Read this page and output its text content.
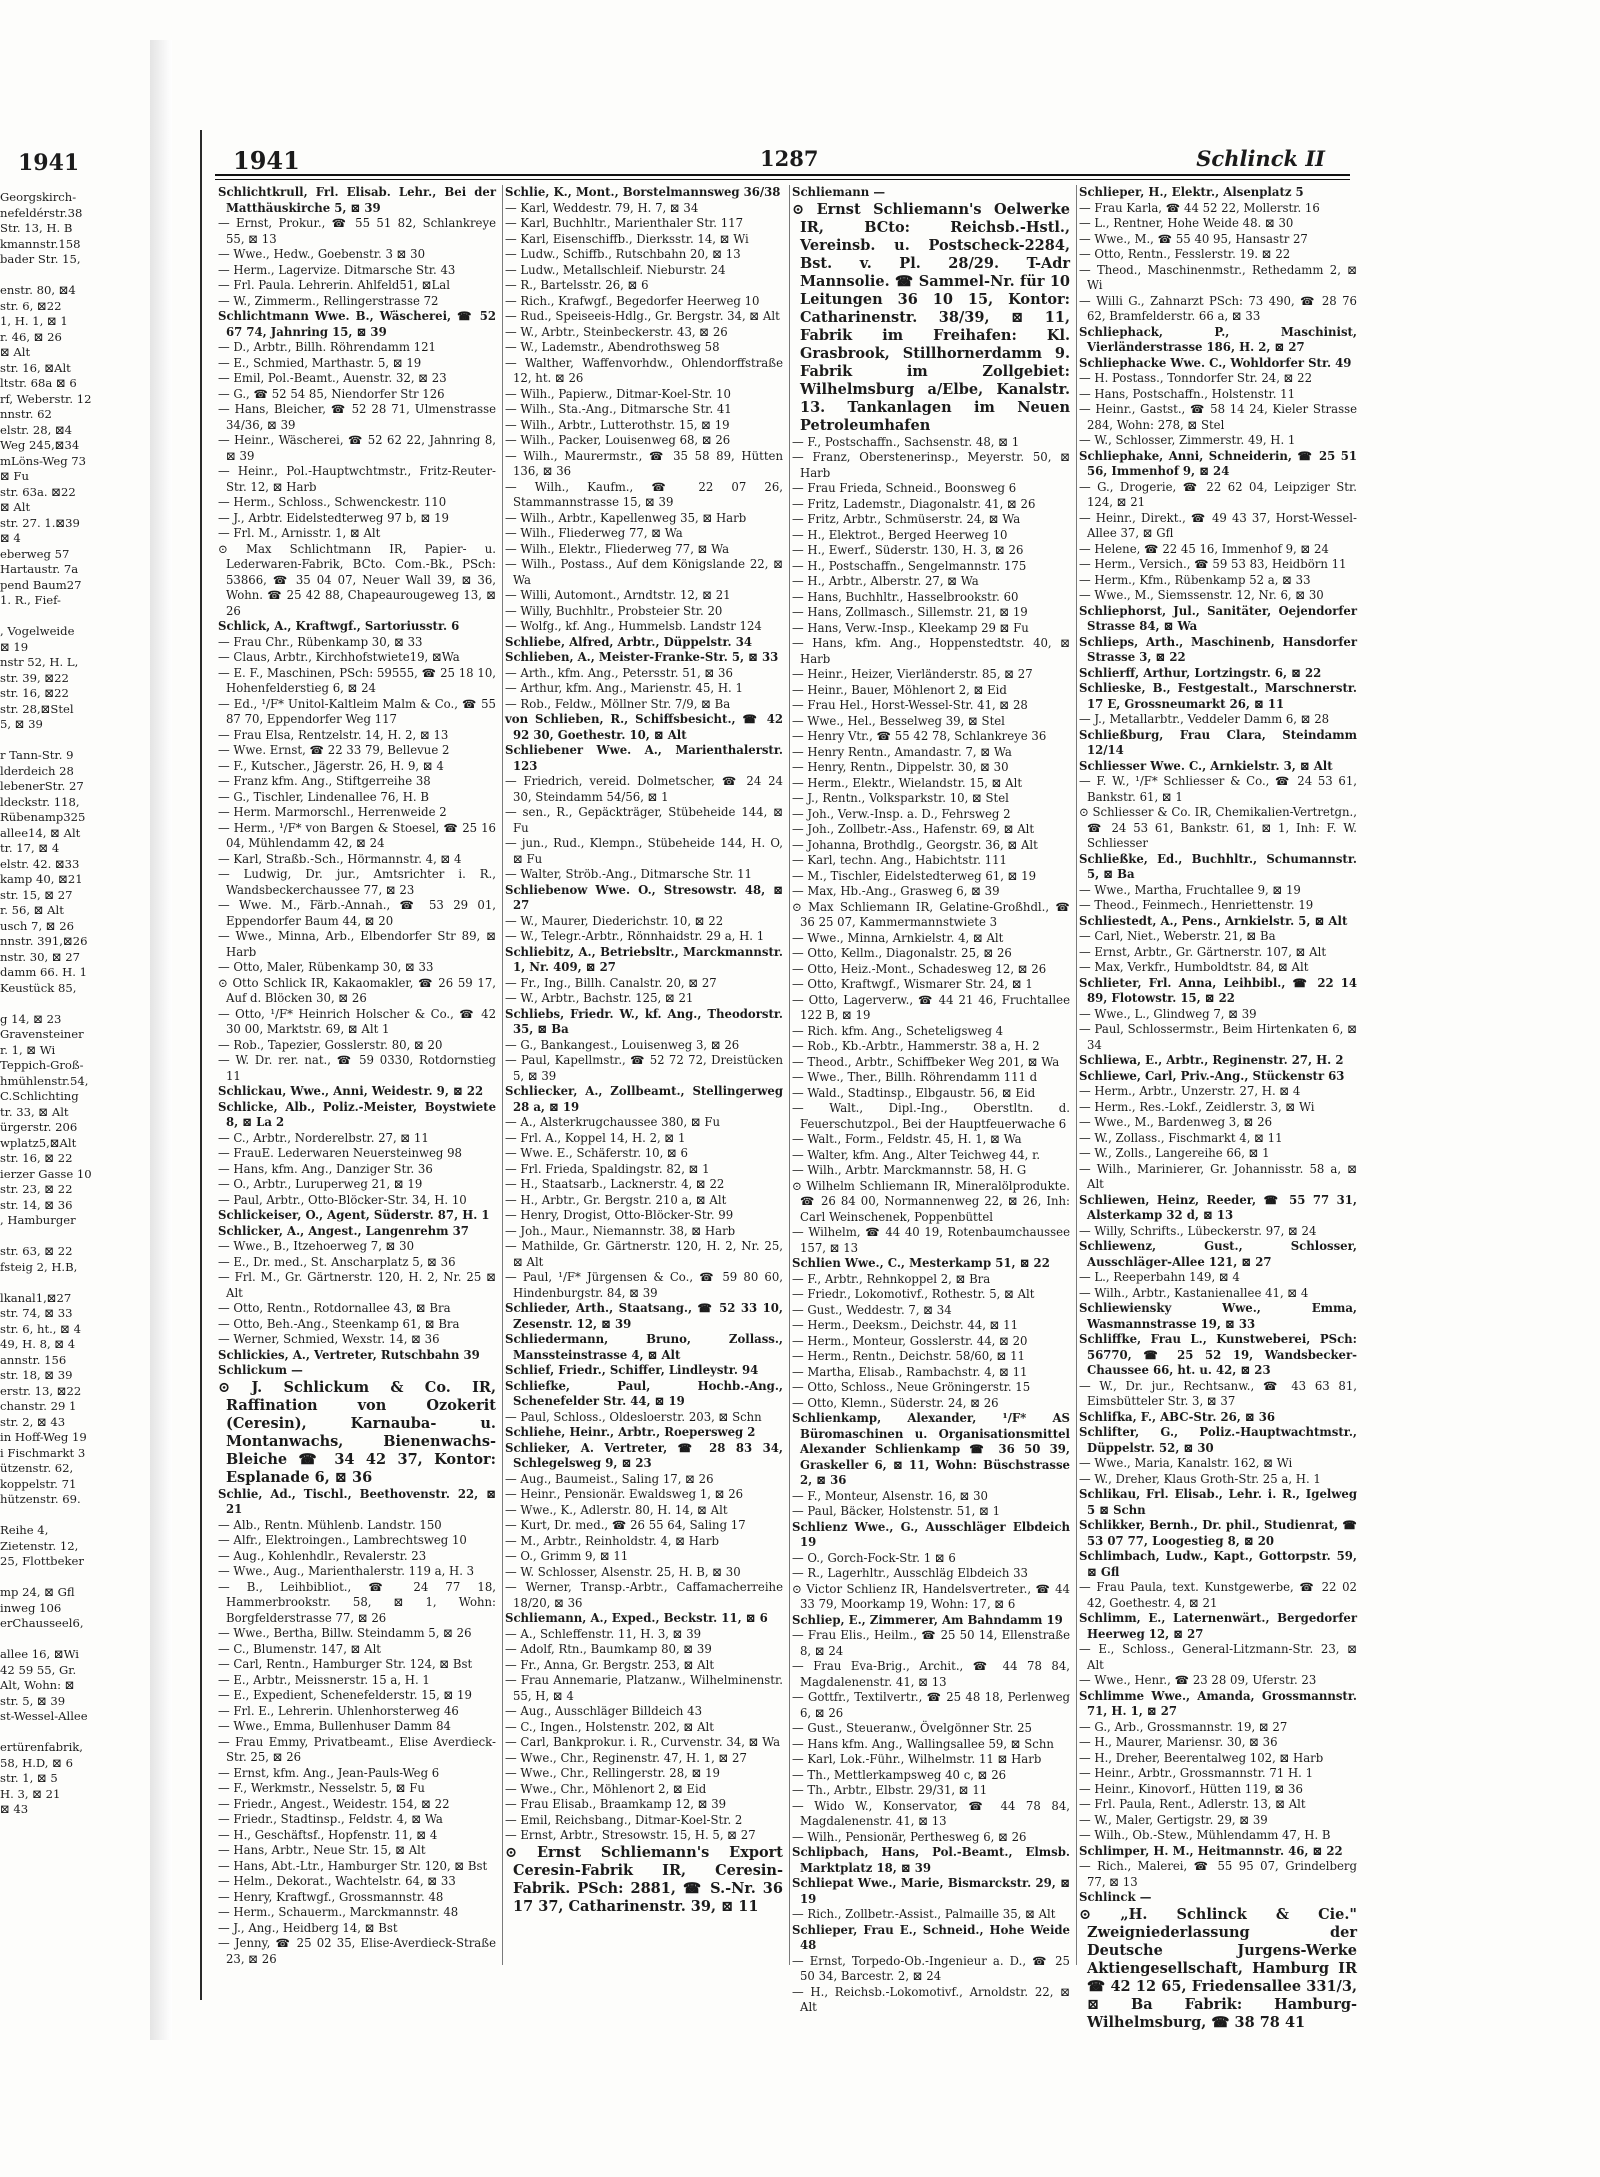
1941
Georgskirch-
nefeldérstr.38
Str. 13, H. B
kmannstr.158
bader Str. 15,
enstr. 80, ⊠4
str. 6, ⊠22
1, H. 1, ⊠ 1
r. 46, ⊠ 26
⊠ Alt
str. 16, ⊠Alt
ltstr. 68a ⊠ 6
rf, Weberstr. 12
nnstr. 62
elstr. 28, ⊠4
Weg 245,⊠34
mLöns-Weg 73
⊠ Fu
str. 63a. ⊠22
⊠ Alt
str. 27. 1.⊠39
⊠ 4
eberweg 57
Hartaustr. 7a
pend Baum27
1. R., Fief-
, Vogelweide
⊠ 19
nstr 52, H. L,
str. 39, ⊠22
str. 16, ⊠22
str. 28,⊠Stel
5, ⊠ 39
r Tann-Str. 9
lderdeich 28
lebenerStr. 27
ldeckstr. 118,
Rübenamp325
allee14, ⊠ Alt
tr. 17, ⊠ 4
elstr. 42. ⊠33
kamp 40, ⊠21
str. 15, ⊠ 27
r. 56, ⊠ Alt
usch 7, ⊠ 26
nnstr. 391,⊠26
nstr. 30, ⊠ 27
damm 66. H. 1
Keustück 85,
g 14, ⊠ 23
Gravensteiner
r. 1, ⊠ Wi
Teppich-Groß-
hmühlenstr.54,
C.Schlichting
tr. 33, ⊠ Alt
ürgerstr. 206
wplatz5,⊠Alt
str. 16, ⊠ 22
ierzer Gasse 10
str. 23, ⊠ 22
str. 14, ⊠ 36
, Hamburger
str. 63, ⊠ 22
fsteig 2, H.B,
lkanal1,⊠27
str. 74, ⊠ 33
str. 6, ht., ⊠ 4
49, H. 8, ⊠ 4
annstr. 156
str. 18, ⊠ 39
erstr. 13, ⊠22
chanstr. 29 1
str. 2, ⊠ 43
in Hoff-Weg 19
i Fischmarkt 3
ützenstr. 62,
koppelstr. 71
hützenstr. 69.
Reihe 4,
Zietenstr. 12,
25, Flottbeker
mp 24, ⊠ Gfl
inweg 106
erChausseel6,
allee 16, ⊠Wi
42 59 55, Gr.
Alt, Wohn: ⊠
str. 5, ⊠ 39
st-Wessel-Allee
ertürenfabrik,
58, H.D, ⊠ 6
str. 1, ⊠ 5
H. 3, ⊠ 21
⊠ 43
1941	1287	Schlinck II

Schlichtkrull, Frl. Elisab. Lehr., Bei der Matthäuskirche 5, ⊠ 39

— Ernst, Prokur., ☎ 55 51 82, Schlankreye 55, ⊠ 13

— Wwe., Hedw., Goebenstr. 3 ⊠ 30

— Herm., Lagervize. Ditmarsche Str. 43

— Frl. Paula. Lehrerin. Ahlfeld51, ⊠Lal

— W., Zimmerm., Rellingerstrasse 72

Schlichtmann Wwe. B., Wäscherei, ☎ 52 67 74, Jahnring 15, ⊠ 39

— D., Arbtr., Billh. Röhrendamm 121

— E., Schmied, Marthastr. 5, ⊠ 19

— Emil, Pol.-Beamt., Auenstr. 32, ⊠ 23

— G., ☎ 52 54 85, Niendorfer Str 126

— Hans, Bleicher, ☎ 52 28 71, Ulmenstrasse 34/36, ⊠ 39

— Heinr., Wäscherei, ☎ 52 62 22, Jahnring 8, ⊠ 39

— Heinr., Pol.-Hauptwchtmstr., Fritz-Reuter-Str. 12, ⊠ Harb

— Herm., Schloss., Schwenckestr. 110

— J., Arbtr. Eidelstedterweg 97 b, ⊠ 19

— Frl. M., Arnisstr. 1, ⊠ Alt

⊙ Max Schlichtmann IR, Papier- u. Lederwaren-Fabrik, BCto. Com.-Bk., PSch: 53866, ☎ 35 04 07, Neuer Wall 39, ⊠ 36, Wohn. ☎ 25 42 88, Chapeaurougeweg 13, ⊠ 26

Schlick, A., Kraftwgf., Sartoriusstr. 6

— Frau Chr., Rübenkamp 30, ⊠ 33

— Claus, Arbtr., Kirchhofstwiete19, ⊠Wa

— E. F., Maschinen, PSch: 59555, ☎ 25 18 10, Hohenfelderstieg 6, ⊠ 24

— Ed., ¹/F* Unitol-Kaltleim Malm & Co., ☎ 55 87 70, Eppendorfer Weg 117

— Frau Elsa, Rentzelstr. 14, H. 2, ⊠ 13

— Wwe. Ernst, ☎ 22 33 79, Bellevue 2

— F., Kutscher., Jägerstr. 26, H. 9, ⊠ 4

— Franz kfm. Ang., Stiftgerreihe 38

— G., Tischler, Lindenallee 76, H. B

— Herm. Marmorschl., Herrenweide 2

— Herm., ¹/F* von Bargen & Stoesel, ☎ 25 16 04, Mühlendamm 42, ⊠ 24

— Karl, Straßb.-Sch., Hörmannstr. 4, ⊠ 4

— Ludwig, Dr. jur., Amtsrichter i. R., Wandsbeckerchaussee 77, ⊠ 23

— Wwe. M., Färb.-Annah., ☎ 53 29 01, Eppendorfer Baum 44, ⊠ 20

— Wwe., Minna, Arb., Elbendorfer Str 89, ⊠ Harb

— Otto, Maler, Rübenkamp 30, ⊠ 33

⊙ Otto Schlick IR, Kakaomakler, ☎ 26 59 17, Auf d. Blöcken 30, ⊠ 26

— Otto, ¹/F* Heinrich Holscher & Co., ☎ 42 30 00, Marktstr. 69, ⊠ Alt 1

— Rob., Tapezier, Gosslerstr. 80, ⊠ 20

— W. Dr. rer. nat., ☎ 59 0330, Rotdornstieg 11

Schlickau, Wwe., Anni, Weidestr. 9, ⊠ 22

Schlicke, Alb., Poliz.-Meister, Boystwiete 8, ⊠ La 2

— C., Arbtr., Norderelbstr. 27, ⊠ 11

— FrauE. Lederwaren Neuersteinweg 98

— Hans, kfm. Ang., Danziger Str. 36

— O., Arbtr., Luruperweg 21, ⊠ 19

— Paul, Arbtr., Otto-Blöcker-Str. 34, H. 10

Schlickeiser, O., Agent, Süderstr. 87, H. 1

Schlicker, A., Angest., Langenrehm 37

— Wwe., B., Itzehoerweg 7, ⊠ 30

— E., Dr. med., St. Anscharplatz 5, ⊠ 36

— Frl. M., Gr. Gärtnerstr. 120, H. 2, Nr. 25 ⊠ Alt

— Otto, Rentn., Rotdornallee 43, ⊠ Bra

— Otto, Beh.-Ang., Steenkamp 61, ⊠ Bra

— Werner, Schmied, Wexstr. 14, ⊠ 36

Schlickies, A., Vertreter, Rutschbahn 39

Schlickum —

⊙ J. Schlickum & Co. IR, Raffination von Ozokerit (Ceresin), Karnauba- u. Montanwachs, Bienenwachs-Bleiche ☎ 34 42 37, Kontor: Esplanade 6, ⊠ 36

Schlie, Ad., Tischl., Beethovenstr. 22, ⊠ 21

— Alb., Rentn. Mühlenb. Landstr. 150

— Alfr., Elektroingen., Lambrechtsweg 10

— Aug., Kohlenhdlr., Revalerstr. 23

— Wwe., Aug., Marienthalerstr. 119 a, H. 3

— B., Leihbibliot., ☎ 24 77 18, Hammerbrookstr. 58, ⊠ 1, Wohn: Borgfelderstrasse 77, ⊠ 26

— Wwe., Bertha, Billw. Steindamm 5, ⊠ 26

— C., Blumenstr. 147, ⊠ Alt

— Carl, Rentn., Hamburger Str. 124, ⊠ Bst

— E., Arbtr., Meissnerstr. 15 a, H. 1

— E., Expedient, Schenefelderstr. 15, ⊠ 19

— Frl. E., Lehrerin. Uhlenhorsterweg 46

— Wwe., Emma, Bullenhuser Damm 84

— Frau Emmy, Privatbeamt., Elise Averdieck-Str. 25, ⊠ 26

— Ernst, kfm. Ang., Jean-Pauls-Weg 6

— F., Werkmstr., Nesselstr. 5, ⊠ Fu

— Friedr., Angest., Weidestr. 154, ⊠ 22

— Friedr., Stadtinsp., Feldstr. 4, ⊠ Wa

— H., Geschäftsf., Hopfenstr. 11, ⊠ 4

— Hans, Arbtr., Neue Str. 15, ⊠ Alt

— Hans, Abt.-Ltr., Hamburger Str. 120, ⊠ Bst

— Helm., Dekorat., Wachtelstr. 64, ⊠ 33

— Henry, Kraftwgf., Grossmannstr. 48

— Herm., Schauerm., Marckmannstr. 48

— J., Ang., Heidberg 14, ⊠ Bst

— Jenny, ☎ 25 02 35, Elise-Averdieck-Straße 23, ⊠ 26

Schlie, K., Mont., Borstelmannsweg 36/38

— Karl, Weddestr. 79, H. 7, ⊠ 34

— Karl, Buchhltr., Marienthaler Str. 117

— Karl, Eisenschiffb., Dierksstr. 14, ⊠ Wi

— Ludw., Schiffb., Rutschbahn 20, ⊠ 13

— Ludw., Metallschleif. Nieburstr. 24

— R., Bartelsstr. 26, ⊠ 6

— Rich., Krafwgf., Begedorfer Heerweg 10

— Rud., Speiseeis-Hdlg., Gr. Bergstr. 34, ⊠ Alt

— W., Arbtr., Steinbeckerstr. 43, ⊠ 26

— W., Lademstr., Abendrothsweg 58

— Walther, Waffenvorhdw., Ohlendorffstraße 12, ht. ⊠ 26

— Wilh., Papierw., Ditmar-Koel-Str. 10

— Wilh., Sta.-Ang., Ditmarsche Str. 41

— Wilh., Arbtr., Lutterothstr. 15, ⊠ 19

— Wilh., Packer, Louisenweg 68, ⊠ 26

— Wilh., Maurermstr., ☎ 35 58 89, Hütten 136, ⊠ 36

— Wilh., Kaufm., ☎ 22 07 26, Stammannstrasse 15, ⊠ 39

— Wilh., Arbtr., Kapellenweg 35, ⊠ Harb

— Wilh., Fliederweg 77, ⊠ Wa

— Wilh., Elektr., Fliederweg 77, ⊠ Wa

— Wilh., Postass., Auf dem Königslande 22, ⊠ Wa

— Willi, Automont., Arndtstr. 12, ⊠ 21

— Willy, Buchhltr., Probsteier Str. 20

— Wolfg., kf. Ang., Hummelsb. Landstr 124

Schliebe, Alfred, Arbtr., Düppelstr. 34

Schlieben, A., Meister-Franke-Str. 5, ⊠ 33

— Arth., kfm. Ang., Petersstr. 51, ⊠ 36

— Arthur, kfm. Ang., Marienstr. 45, H. 1

— Rob., Feldw., Möllner Str. 7/9, ⊠ Ba

von Schlieben, R., Schiffsbesicht., ☎ 42 92 30, Goethestr. 10, ⊠ Alt

Schliebener Wwe. A., Marienthalerstr. 123

— Friedrich, vereid. Dolmetscher, ☎ 24 24 30, Steindamm 54/56, ⊠ 1

— sen., R., Gepäckträger, Stübeheide 144, ⊠ Fu

— jun., Rud., Klempn., Stübeheide 144, H. O, ⊠ Fu

— Walter, Ströb.-Ang., Ditmarsche Str. 11

Schliebenow Wwe. O., Stresowstr. 48, ⊠ 27

— W., Maurer, Diederichstr. 10, ⊠ 22

— W., Telegr.-Arbtr., Rönnhaidstr. 29 a, H. 1

Schliebitz, A., Betriebsltr., Marckmannstr. 1, Nr. 409, ⊠ 27

— Fr., Ing., Billh. Canalstr. 20, ⊠ 27

— W., Arbtr., Bachstr. 125, ⊠ 21

Schliebs, Friedr. W., kf. Ang., Theodorstr. 35, ⊠ Ba

— G., Bankangest., Louisenweg 3, ⊠ 26

— Paul, Kapellmstr., ☎ 52 72 72, Dreistücken 5, ⊠ 39

Schliecker, A., Zollbeamt., Stellingerweg 28 a, ⊠ 19

— A., Alsterkrugchaussee 380, ⊠ Fu

— Frl. A., Koppel 14, H. 2, ⊠ 1

— Wwe. E., Schäferstr. 10, ⊠ 6

— Frl. Frieda, Spaldingstr. 82, ⊠ 1

— H., Staatsarb., Lacknerstr. 4, ⊠ 22

— H., Arbtr., Gr. Bergstr. 210 a, ⊠ Alt

— Henry, Drogist, Otto-Blöcker-Str. 99

— Joh., Maur., Niemannstr. 38, ⊠ Harb

— Mathilde, Gr. Gärtnerstr. 120, H. 2, Nr. 25, ⊠ Alt

— Paul, ¹/F* Jürgensen & Co., ☎ 59 80 60, Hindenburgstr. 84, ⊠ 39

Schlieder, Arth., Staatsang., ☎ 52 33 10, Zesenstr. 12, ⊠ 39

Schliedermann, Bruno, Zollass., Manssteinstrasse 4, ⊠ Alt

Schlief, Friedr., Schiffer, Lindleystr. 94

Schliefke, Paul, Hochb.-Ang., Schenefelder Str. 44, ⊠ 19

— Paul, Schloss., Oldesloerstr. 203, ⊠ Schn

Schliehe, Heinr., Arbtr., Roepersweg 2

Schlieker, A. Vertreter, ☎ 28 83 34, Schlegelsweg 9, ⊠ 23

— Aug., Baumeist., Saling 17, ⊠ 26

— Heinr., Pensionär. Ewaldsweg 1, ⊠ 26

— Wwe., K., Adlerstr. 80, H. 14, ⊠ Alt

— Kurt, Dr. med., ☎ 26 55 64, Saling 17

— M., Arbtr., Reinholdstr. 4, ⊠ Harb

— O., Grimm 9, ⊠ 11

— W. Schlosser, Alsenstr. 25, H. B, ⊠ 30

— Werner, Transp.-Arbtr., Caffamacherreihe 18/20, ⊠ 36

Schliemann, A., Exped., Beckstr. 11, ⊠ 6

— A., Schleffenstr. 11, H. 3, ⊠ 39

— Adolf, Rtn., Baumkamp 80, ⊠ 39

— Fr., Anna, Gr. Bergstr. 253, ⊠ Alt

— Frau Annemarie, Platzanw., Wilhelminenstr. 55, H, ⊠ 4

— Aug., Ausschläger Billdeich 43

— C., Ingen., Holstenstr. 202, ⊠ Alt

— Carl, Bankprokur. i. R., Curvenstr. 34, ⊠ Wa

— Wwe., Chr., Reginenstr. 47, H. 1, ⊠ 27

— Wwe., Chr., Rellingerstr. 28, ⊠ 19

— Wwe., Chr., Möhlenort 2, ⊠ Eid

— Frau Elisab., Braamkamp 12, ⊠ 39

— Emil, Reichsbang., Ditmar-Koel-Str. 2

— Ernst, Arbtr., Stresowstr. 15, H. 5, ⊠ 27

⊙ Ernst Schliemann's Export Ceresin-Fabrik IR, Ceresin-Fabrik. PSch: 2881, ☎ S.-Nr. 36 17 37, Catharinenstr. 39, ⊠ 11

Schliemann —

⊙ Ernst Schliemann's Oelwerke IR, BCto: Reichsb.-Hstl., Vereinsb. u. Postscheck-2284, Bst. v. Pl. 28/29. T-Adr Mannsolie. ☎ Sammel-Nr. für 10 Leitungen 36 10 15, Kontor: Catharinenstr. 38/39, ⊠ 11, Fabrik im Freihafen: Kl. Grasbrook, Stillhornerdamm 9. Fabrik im Zollgebiet: Wilhelmsburg a/Elbe, Kanalstr. 13. Tankanlagen im Neuen Petroleumhafen

— F., Postschaffn., Sachsenstr. 48, ⊠ 1

— Franz, Oberstenerinsp., Meyerstr. 50, ⊠ Harb

— Frau Frieda, Schneid., Boonsweg 6

— Fritz, Lademstr., Diagonalstr. 41, ⊠ 26

— Fritz, Arbtr., Schmüserstr. 24, ⊠ Wa

— H., Elektrot., Berged Heerweg 10

— H., Ewerf., Süderstr. 130, H. 3, ⊠ 26

— H., Postschaffn., Sengelmannstr. 175

— H., Arbtr., Alberstr. 27, ⊠ Wa

— Hans, Buchhltr., Hasselbrookstr. 60

— Hans, Zollmasch., Sillemstr. 21, ⊠ 19

— Hans, Verw.-Insp., Kleekamp 29 ⊠ Fu

— Hans, kfm. Ang., Hoppenstedtstr. 40, ⊠ Harb

— Heinr., Heizer, Vierländerstr. 85, ⊠ 27

— Heinr., Bauer, Möhlenort 2, ⊠ Eid

— Frau Hel., Horst-Wessel-Str. 41, ⊠ 28

— Wwe., Hel., Besselweg 39, ⊠ Stel

— Henry Vtr., ☎ 55 42 78, Schlankreye 36

— Henry Rentn., Amandastr. 7, ⊠ Wa

— Henry, Rentn., Dippelstr. 30, ⊠ 30

— Herm., Elektr., Wielandstr. 15, ⊠ Alt

— J., Rentn., Volksparkstr. 10, ⊠ Stel

— Joh., Verw.-Insp. a. D., Fehrsweg 2

— Joh., Zollbetr.-Ass., Hafenstr. 69, ⊠ Alt

— Johanna, Brothdlg., Georgstr. 36, ⊠ Alt

— Karl, techn. Ang., Habichtstr. 111

— M., Tischler, Eidelstedterweg 61, ⊠ 19

— Max, Hb.-Ang., Grasweg 6, ⊠ 39

⊙ Max Schliemann IR, Gelatine-Großhdl., ☎ 36 25 07, Kammermannstwiete 3

— Wwe., Minna, Arnkielstr. 4, ⊠ Alt

— Otto, Kellm., Diagonalstr. 25, ⊠ 26

— Otto, Heiz.-Mont., Schadesweg 12, ⊠ 26

— Otto, Kraftwgf., Wismarer Str. 24, ⊠ 1

— Otto, Lagerverw., ☎ 44 21 46, Fruchtallee 122 B, ⊠ 19

— Rich. kfm. Ang., Scheteligsweg 4

— Rob., Kb.-Arbtr., Hammerstr. 38 a, H. 2

— Theod., Arbtr., Schiffbeker Weg 201, ⊠ Wa

— Wwe., Ther., Billh. Röhrendamm 111 d

— Wald., Stadtinsp., Elbgaustr. 56, ⊠ Eid

— Walt., Dipl.-Ing., Oberstltn. d. Feuerschutzpol., Bei der Hauptfeuerwache 6

— Walt., Form., Feldstr. 45, H. 1, ⊠ Wa

— Walter, kfm. Ang., Alter Teichweg 44, r.

— Wilh., Arbtr. Marckmannstr. 58, H. G

⊙ Wilhelm Schliemann IR, Mineralölprodukte. ☎ 26 84 00, Normannenweg 22, ⊠ 26, Inh: Carl Weinschenek, Poppenbüttel

— Wilhelm, ☎ 44 40 19, Rotenbaumchaussee 157, ⊠ 13

Schlien Wwe., C., Mesterkamp 51, ⊠ 22

— F., Arbtr., Rehnkoppel 2, ⊠ Bra

— Friedr., Lokomotivf., Rothestr. 5, ⊠ Alt

— Gust., Weddestr. 7, ⊠ 34

— Herm., Deeksm., Deichstr. 44, ⊠ 11

— Herm., Monteur, Gosslerstr. 44, ⊠ 20

— Herm., Rentn., Deichstr. 58/60, ⊠ 11

— Martha, Elisab., Rambachstr. 4, ⊠ 11

— Otto, Schloss., Neue Gröningerstr. 15

— Otto, Klemn., Süderstr. 24, ⊠ 26

Schlienkamp, Alexander, ¹/F* AS Büromaschinen u. Organisationsmittel Alexander Schlienkamp ☎ 36 50 39, Graskeller 6, ⊠ 11, Wohn: Büschstrasse 2, ⊠ 36

— F., Monteur, Alsenstr. 16, ⊠ 30

— Paul, Bäcker, Holstenstr. 51, ⊠ 1

Schlienz Wwe., G., Ausschläger Elbdeich 19

— O., Gorch-Fock-Str. 1 ⊠ 6

— R., Lagerhltr., Ausschläg Elbdeich 33

⊙ Victor Schlienz IR, Handelsvertreter., ☎ 44 33 79, Moorkamp 19, Wohn: 17, ⊠ 6

Schliep, E., Zimmerer, Am Bahndamm 19

— Frau Elis., Heilm., ☎ 25 50 14, Ellenstraße 8, ⊠ 24

— Frau Eva-Brig., Archit., ☎ 44 78 84, Magdalenenstr. 41, ⊠ 13

— Gottfr., Textilvertr., ☎ 25 48 18, Perlenweg 6, ⊠ 26

— Gust., Steueranw., Övelgönner Str. 25

— Hans kfm. Ang., Wallingsallee 59, ⊠ Schn

— Karl, Lok.-Führ., Wilhelmstr. 11 ⊠ Harb

— Th., Mettlerkampsweg 40 c, ⊠ 26

— Th., Arbtr., Elbstr. 29/31, ⊠ 11

— Wido W., Konservator, ☎ 44 78 84, Magdalenenstr. 41, ⊠ 13

— Wilh., Pensionär, Perthesweg 6, ⊠ 26

Schlipbach, Hans, Pol.-Beamt., Elmsb. Marktplatz 18, ⊠ 39

Schliepat Wwe., Marie, Bismarckstr. 29, ⊠ 19

— Rich., Zollbetr.-Assist., Palmaille 35, ⊠ Alt

Schlieper, Frau E., Schneid., Hohe Weide 48

— Ernst, Torpedo-Ob.-Ingenieur a. D., ☎ 25 50 34, Barcestr. 2, ⊠ 24

— H., Reichsb.-Lokomotivf., Arnoldstr. 22, ⊠ Alt

Schlieper, H., Elektr., Alsenplatz 5

— Frau Karla, ☎ 44 52 22, Mollerstr. 16

— L., Rentner, Hohe Weide 48. ⊠ 30

— Wwe., M., ☎ 55 40 95, Hansastr 27

— Otto, Rentn., Fesslerstr. 19. ⊠ 22

— Theod., Maschinenmstr., Rethedamm 2, ⊠ Wi

— Willi G., Zahnarzt PSch: 73 490, ☎ 28 76 62, Bramfelderstr. 66 a, ⊠ 33

Schliephack, P., Maschinist, Vierländerstrasse 186, H. 2, ⊠ 27

Schliephacke Wwe. C., Wohldorfer Str. 49

— H. Postass., Tonndorfer Str. 24, ⊠ 22

— Hans, Postschaffn., Holstenstr. 11

— Heinr., Gastst., ☎ 58 14 24, Kieler Strasse 284, Wohn: 278, ⊠ Stel

— W., Schlosser, Zimmerstr. 49, H. 1

Schliephake, Anni, Schneiderin, ☎ 25 51 56, Immenhof 9, ⊠ 24

— G., Drogerie, ☎ 22 62 04, Leipziger Str. 124, ⊠ 21

— Heinr., Direkt., ☎ 49 43 37, Horst-Wessel-Allee 37, ⊠ Gfl

— Helene, ☎ 22 45 16, Immenhof 9, ⊠ 24

— Herm., Versich., ☎ 59 53 83, Heidbörn 11

— Herm., Kfm., Rübenkamp 52 a, ⊠ 33

— Wwe., M., Siemssenstr. 12, Nr. 6, ⊠ 30

Schliephorst, Jul., Sanitäter, Oejendorfer Strasse 84, ⊠ Wa

Schlieps, Arth., Maschinenb, Hansdorfer Strasse 3, ⊠ 22

Schlierff, Arthur, Lortzingstr. 6, ⊠ 22

Schlieske, B., Festgestalt., Marschnerstr. 17 E, Grossneumarkt 26, ⊠ 11

— J., Metallarbtr., Veddeler Damm 6, ⊠ 28

Schließburg, Frau Clara, Steindamm 12/14

Schliesser Wwe. C., Arnkielstr. 3, ⊠ Alt

— F. W., ¹/F* Schliesser & Co., ☎ 24 53 61, Bankstr. 61, ⊠ 1

⊙ Schliesser & Co. IR, Chemikalien-Vertretgn., ☎ 24 53 61, Bankstr. 61, ⊠ 1, Inh: F. W. Schliesser

Schließke, Ed., Buchhltr., Schumannstr. 5, ⊠ Ba

— Wwe., Martha, Fruchtallee 9, ⊠ 19

— Theod., Feinmech., Henriettenstr. 19

Schliestedt, A., Pens., Arnkielstr. 5, ⊠ Alt

— Carl, Niet., Weberstr. 21, ⊠ Ba

— Ernst, Arbtr., Gr. Gärtnerstr. 107, ⊠ Alt

— Max, Verkfr., Humboldtstr. 84, ⊠ Alt

Schlieter, Frl. Anna, Leihbibl., ☎ 22 14 89, Flotowstr. 15, ⊠ 22

— Wwe., L., Glindweg 7, ⊠ 39

— Paul, Schlossermstr., Beim Hirtenkaten 6, ⊠ 34

Schliewa, E., Arbtr., Reginenstr. 27, H. 2

Schliewe, Carl, Priv.-Ang., Stückenstr 63

— Herm., Arbtr., Unzerstr. 27, H. ⊠ 4

— Herm., Res.-Lokf., Zeidlerstr. 3, ⊠ Wi

— Wwe., M., Bardenweg 3, ⊠ 26

— W., Zollass., Fischmarkt 4, ⊠ 11

— W., Zolls., Langereihe 66, ⊠ 1

— Wilh., Marinierer, Gr. Johannisstr. 58 a, ⊠ Alt

Schliewen, Heinz, Reeder, ☎ 55 77 31, Alsterkamp 32 d, ⊠ 13

— Willy, Schrifts., Lübeckerstr. 97, ⊠ 24

Schliewenz, Gust., Schlosser, Ausschläger-Allee 121, ⊠ 27

— L., Reeperbahn 149, ⊠ 4

— Wilh., Arbtr., Kastanienallee 41, ⊠ 4

Schliewiensky Wwe., Emma, Wasmannstrasse 19, ⊠ 33

Schliffke, Frau L., Kunstweberei, PSch: 56770, ☎ 25 52 19, Wandsbecker-Chaussee 66, ht. u. 42, ⊠ 23

— W., Dr. jur., Rechtsanw., ☎ 43 63 81, Eimsbütteler Str. 3, ⊠ 37

Schlifka, F., ABC-Str. 26, ⊠ 36

Schlifter, G., Poliz.-Hauptwachtmstr., Düppelstr. 52, ⊠ 30

— Wwe., Maria, Kanalstr. 162, ⊠ Wi

— W., Dreher, Klaus Groth-Str. 25 a, H. 1

Schlikau, Frl. Elisab., Lehr. i. R., Igelweg 5 ⊠ Schn

Schlikker, Bernh., Dr. phil., Studienrat, ☎ 53 07 77, Loogestieg 8, ⊠ 20

Schlimbach, Ludw., Kapt., Gottorpstr. 59, ⊠ Gfl

— Frau Paula, text. Kunstgewerbe, ☎ 22 02 42, Goethestr. 4, ⊠ 21

Schlimm, E., Laternenwärt., Bergedorfer Heerweg 12, ⊠ 27

— E., Schloss., General-Litzmann-Str. 23, ⊠ Alt

— Wwe., Henr., ☎ 23 28 09, Uferstr. 23

Schlimme Wwe., Amanda, Grossmannstr. 71, H. 1, ⊠ 27

— G., Arb., Grossmannstr. 19, ⊠ 27

— H., Maurer, Mariensr. 30, ⊠ 36

— H., Dreher, Beerentalweg 102, ⊠ Harb

— Heinr., Arbtr., Grossmannstr. 71 H. 1

— Heinr., Kinovorf., Hütten 119, ⊠ 36

— Frl. Paula, Rent., Adlerstr. 13, ⊠ Alt

— W., Maler, Gertigstr. 29, ⊠ 39

— Wilh., Ob.-Stew., Mühlendamm 47, H. B

Schlimper, H. M., Heitmannstr. 46, ⊠ 22

— Rich., Malerei, ☎ 55 95 07, Grindelberg 77, ⊠ 13

Schlinck —

⊙ „H. Schlinck & Cie." Zweigniederlassung der Deutsche Jurgens-Werke Aktiengesellschaft, Hamburg IR ☎ 42 12 65, Friedensallee 331/3, ⊠ Ba Fabrik: Hamburg-Wilhelmsburg, ☎ 38 78 41
